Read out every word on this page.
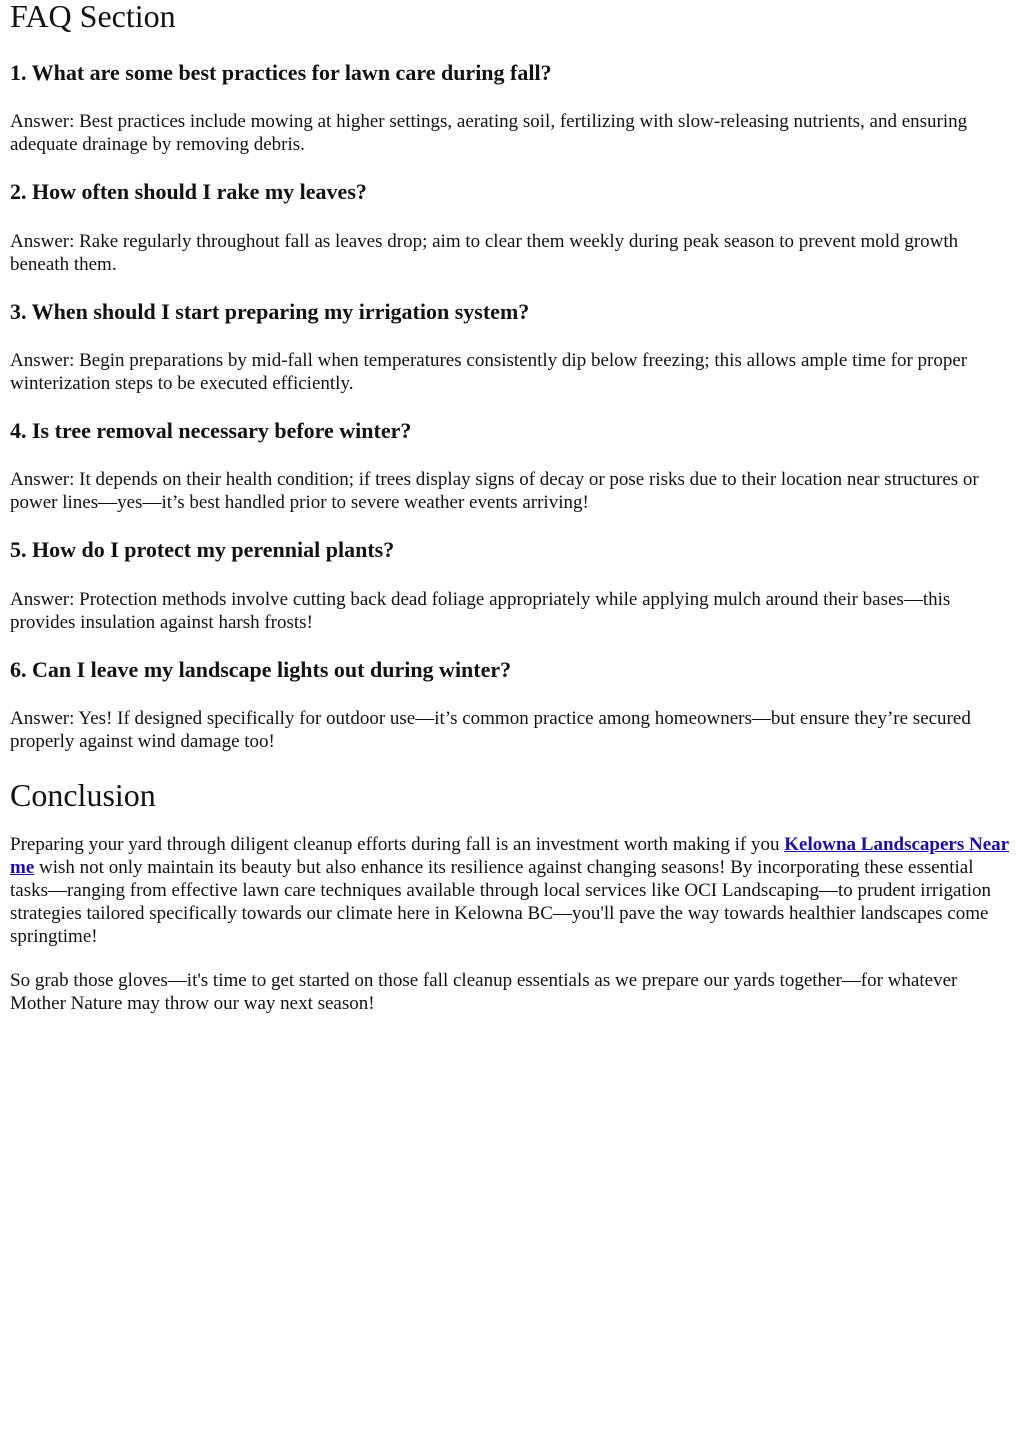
FAQ Section
1. What are some best practices for lawn care during fall?

Answer: Best practices include mowing at higher settings, aerating soil, fertilizing with slow-releasing nutrients, and ensuring adequate drainage by removing debris.

2. How often should I rake my leaves?

Answer: Rake regularly throughout fall as leaves drop; aim to clear them weekly during peak season to prevent mold growth beneath them.

3. When should I start preparing my irrigation system?

Answer: Begin preparations by mid-fall when temperatures consistently dip below freezing; this allows ample time for proper winterization steps to be executed efficiently.

4. Is tree removal necessary before winter?

Answer: It depends on their health condition; if trees display signs of decay or pose risks due to their location near structures or power lines—yes—it’s best handled prior to severe weather events arriving!

5. How do I protect my perennial plants?

Answer: Protection methods involve cutting back dead foliage appropriately while applying mulch around their bases—this provides insulation against harsh frosts!

6. Can I leave my landscape lights out during winter?

Answer: Yes! If designed specifically for outdoor use—it’s common practice among homeowners—but ensure they’re secured properly against wind damage too!

Conclusion

Preparing your yard through diligent cleanup efforts during fall is an investment worth making if you Kelowna Landscapers Near me wish not only maintain its beauty but also enhance its resilience against changing seasons! By incorporating these essential tasks—ranging from effective lawn care techniques available through local services like OCI Landscaping—to prudent irrigation strategies tailored specifically towards our climate here in Kelowna BC—you'll pave the way towards healthier landscapes come springtime!

So grab those gloves—it's time to get started on those fall cleanup essentials as we prepare our yards together—for whatever Mother Nature may throw our way next season!
